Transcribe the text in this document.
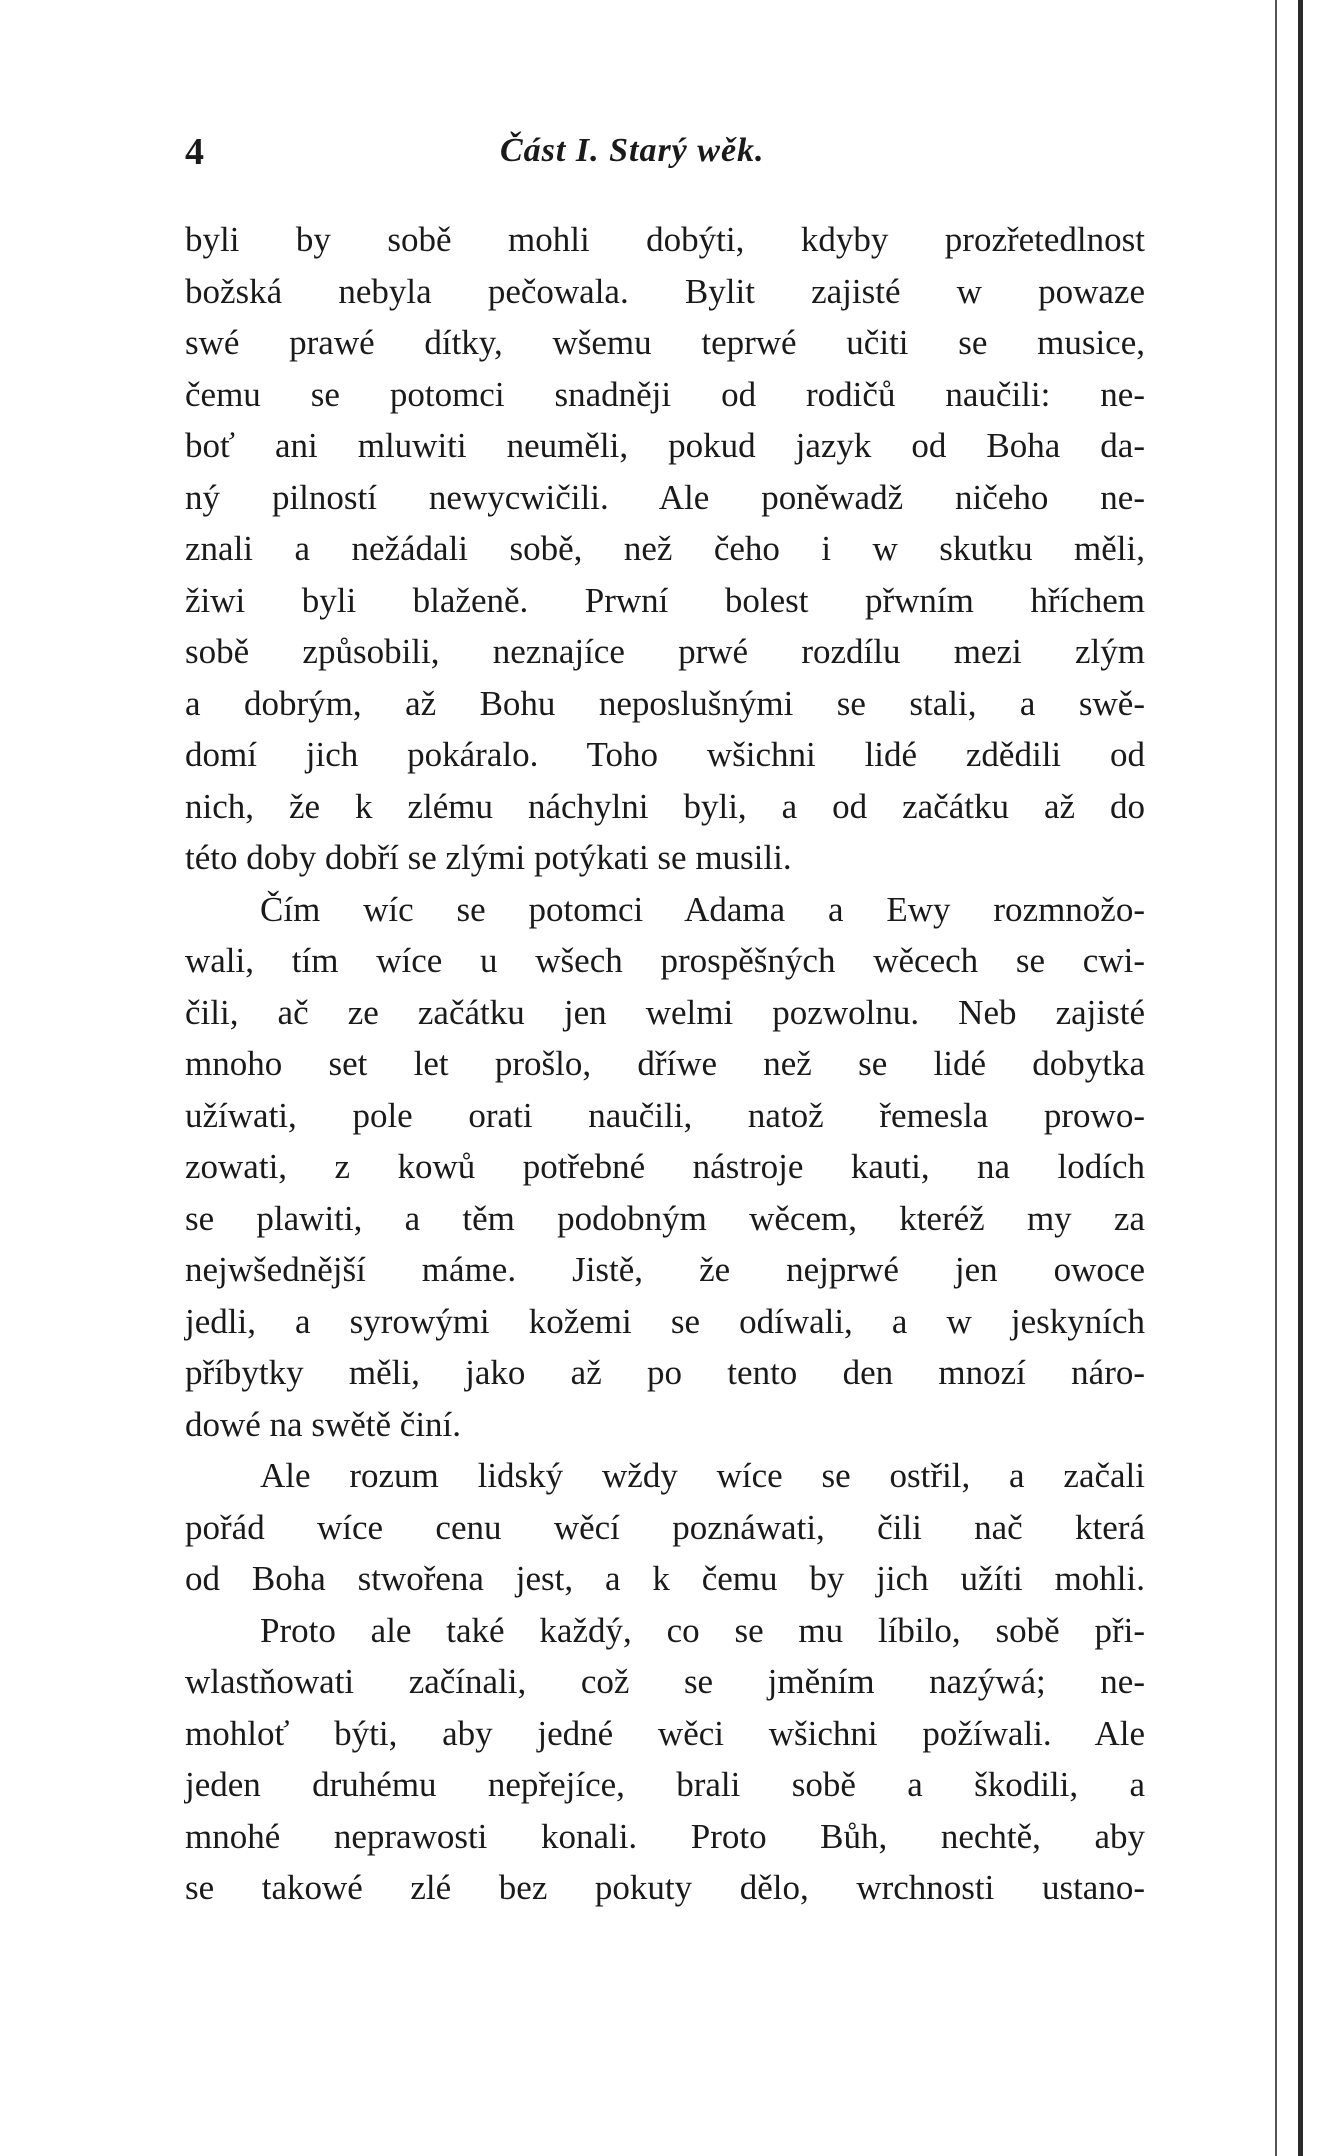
4	Část I. Starý wěk.
byli by sobě mohli dobýti, kdyby prozřetedlnost
božská nebyla pečowala. Bylit zajisté w powaze
swé prawé dítky, wšemu teprwé učiti se musice,
čemu se potomci snadněji od rodičů naučili: ne-
boť ani mluwiti neuměli, pokud jazyk od Boha da-
ný pilností newycwičili. Ale poněwadž ničeho ne-
znali a nežádali sobě, než čeho i w skutku měli,
žiwi byli blaženě. Prwní bolest přwním hříchem
sobě způsobili, neznajíce prwé rozdílu mezi zlým
a dobrým, až Bohu neposlušnými se stali, a swě-
domí jich pokáralo. Toho wšichni lidé zdědili od
nich, že k zlému náchylni byli, a od začátku až do
této doby dobří se zlými potýkati se musili.
Čím wíc se potomci Adama a Ewy rozmnožo-
wali, tím wíce u wšech prospěšných wěcech se cwi-
čili, ač ze začátku jen welmi pozwolnu. Neb zajisté
mnoho set let prošlo, dříwe než se lidé dobytka
užíwati, pole orati naučili, natož řemesla prowo-
zowati, z kowů potřebné nástroje kauti, na lodích
se plawiti, a těm podobným wěcem, kteréž my za
nejwšednější máme. Jistě, že nejprwé jen owoce
jedli, a syrowými kožemi se odíwali, a w jeskyních
příbytky měli, jako až po tento den mnozí náro-
dowé na swětě činí.
Ale rozum lidský wždy wíce se ostřil, a začali
pořád wíce cenu wěcí poznáwati, čili nač která
od Boha stwořena jest, a k čemu by jich užíti mohli.
Proto ale také každý, co se mu líbilo, sobě při-
wlastňowati začínali, což se jměním nazýwá; ne-
mohloť býti, aby jedné wěci wšichni požíwali. Ale
jeden druhému nepřejíce, brali sobě a škodili, a
mnohé neprawosti konali. Proto Bůh, nechtě, aby
se takowé zlé bez pokuty dělo, wrchnosti ustano-
